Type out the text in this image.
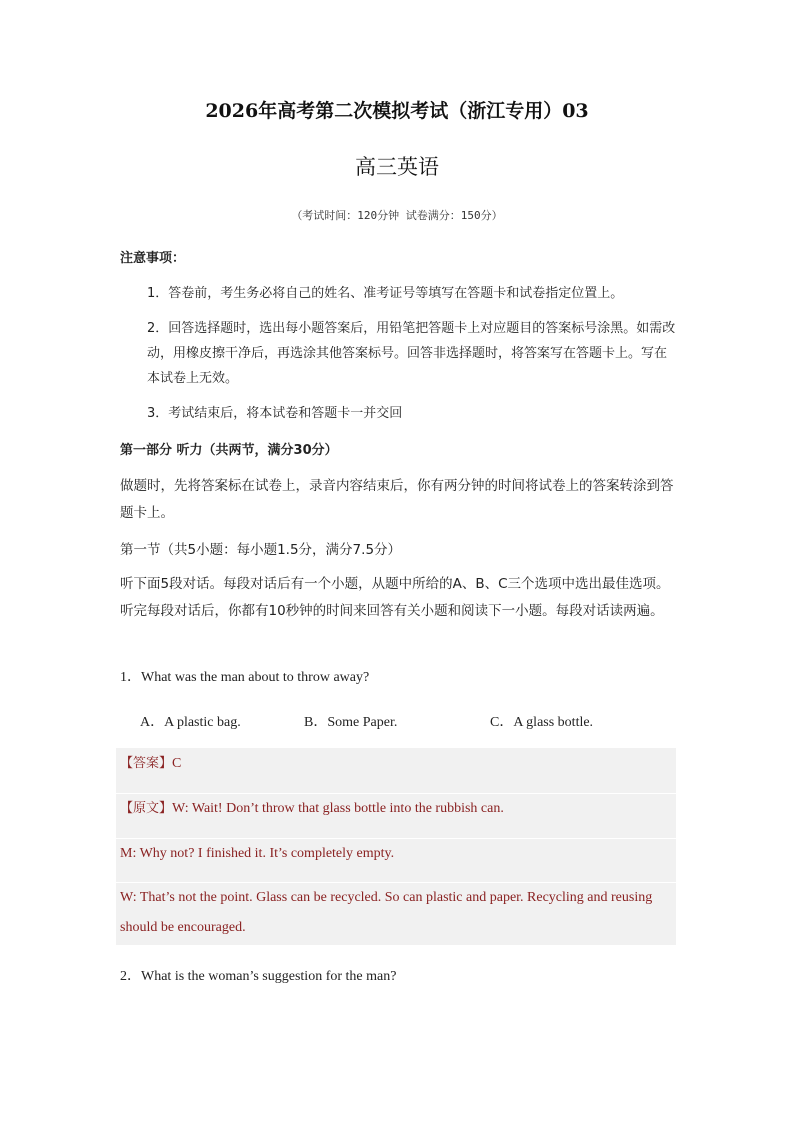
2026年高考第二次模拟考试（浙江专用）03
高三英语
（考试时间：120分钟 试卷满分：150分）
注意事项：
1．答卷前，考生务必将自己的姓名、准考证号等填写在答题卡和试卷指定位置上。
2．回答选择题时，选出每小题答案后，用铅笔把答题卡上对应题目的答案标号涂黑。如需改动，用橡皮擦干净后，再选涂其他答案标号。回答非选择题时，将答案写在答题卡上。写在本试卷上无效。
3．考试结束后，将本试卷和答题卡一并交回
第一部分 听力（共两节，满分30分）
做题时，先将答案标在试卷上，录音内容结束后，你有两分钟的时间将试卷上的答案转涂到答题卡上。
第一节（共5小题：每小题1.5分，满分7.5分）
听下面5段对话。每段对话后有一个小题，从题中所给的A、B、C三个选项中选出最佳选项。听完每段对话后，你都有10秒钟的时间来回答有关小题和阅读下一小题。每段对话读两遍。
1．What was the man about to throw away?
A．A plastic bag.	B．Some Paper.	C．A glass bottle.
【答案】C
【原文】W: Wait! Don’t throw that glass bottle into the rubbish can.
M: Why not? I finished it. It’s completely empty.
W: That’s not the point. Glass can be recycled. So can plastic and paper. Recycling and reusing should be encouraged.
2．What is the woman’s suggestion for the man?
